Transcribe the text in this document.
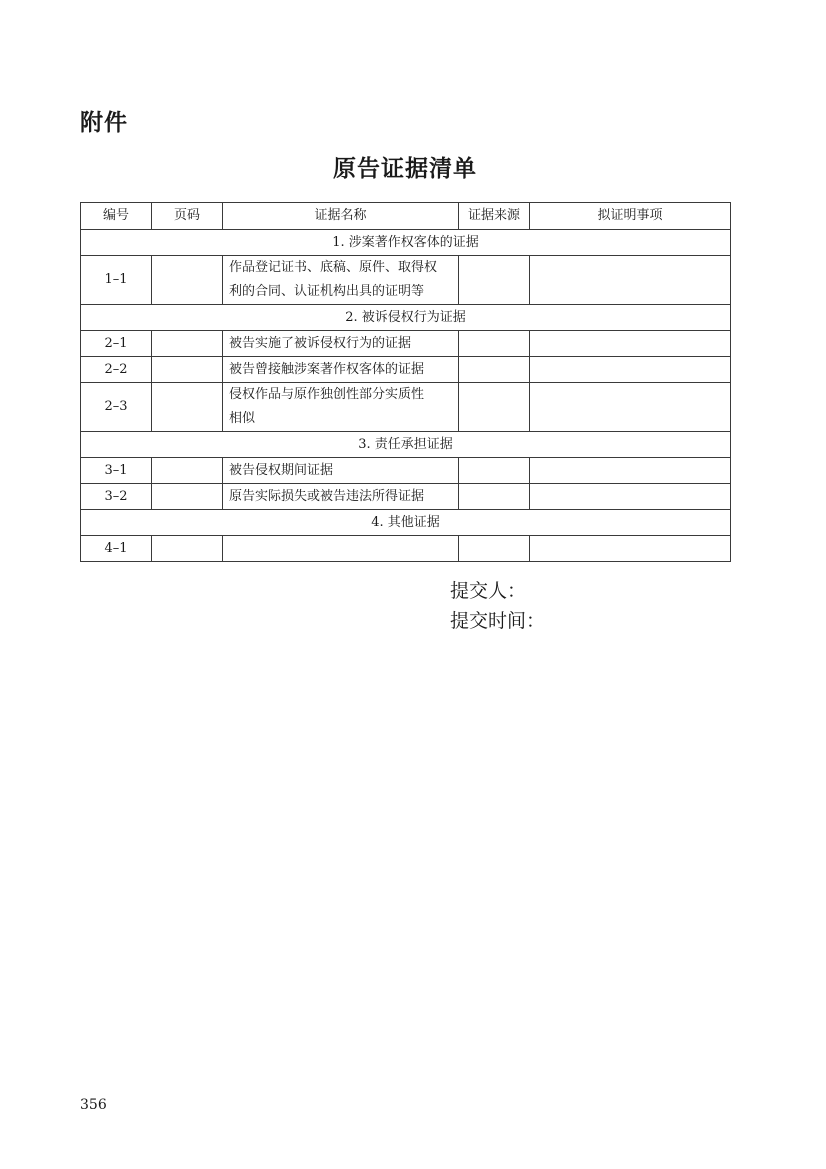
附件
原告证据清单
编号	页码	证据名称	证据来源	拟证明事项
1. 涉案著作权客体的证据				
1–1		作品登记证书、底稿、原件、取得权
利的合同、认证机构出具的证明等		
2. 被诉侵权行为证据				
2–1		被告实施了被诉侵权行为的证据		
2–2		被告曾接触涉案著作权客体的证据		
2–3		侵权作品与原作独创性部分实质性
相似		
3. 责任承担证据				
3–1		被告侵权期间证据		
3–2		原告实际损失或被告违法所得证据		
4. 其他证据				
4–1				
提交人：
提交时间：
356
